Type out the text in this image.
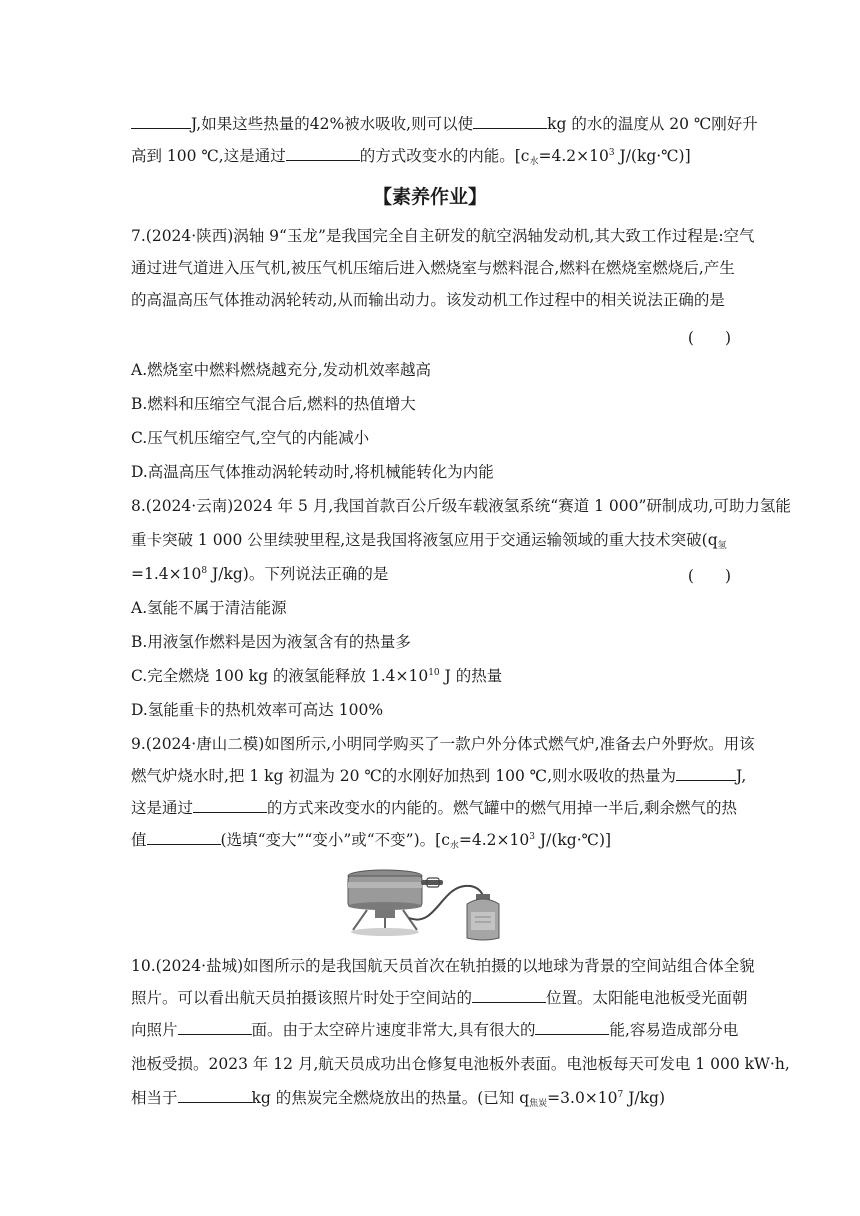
J,如果这些热量的42%被水吸收,则可以使	kg 的水的温度从 20 ℃刚好升
高到 100 ℃,这是通过	的方式改变水的内能。[c水$=4.2\times 10^3$ J/(kg·℃)]
【素养作业】
7.(2024·陕西)涡轴 9“玉龙”是我国完全自主研发的航空涡轴发动机,其大致工作过程是:空气
通过进气道进入压气机,被压气机压缩后进入燃烧室与燃料混合,燃料在燃烧室燃烧后,产生
的高温高压气体推动涡轮转动,从而输出动力。该发动机工作过程中的相关说法正确的是
(　　)
A.燃烧室中燃料燃烧越充分,发动机效率越高
B.燃料和压缩空气混合后,燃料的热值增大
C.压气机压缩空气,空气的内能减小
D.高温高压气体推动涡轮转动时,将机械能转化为内能
8.(2024·云南)2024 年 5 月,我国首款百公斤级车载液氢系统“赛道 1 000”研制成功,可助力氢能
重卡突破 1 000 公里续驶里程,这是我国将液氢应用于交通运输领域的重大技术突破(q氢
$=1.4\times 10^8$ J/kg)。下列说法正确的是	(　　)
A.氢能不属于清洁能源
B.用液氢作燃料是因为液氢含有的热量多
C.完全燃烧 100 kg 的液氢能释放 $1.4\times 10^{10}$ J 的热量
D.氢能重卡的热机效率可高达 100%
9.(2024·唐山二模)如图所示,小明同学购买了一款户外分体式燃气炉,准备去户外野炊。用该
燃气炉烧水时,把 1 kg 初温为 20 ℃的水刚好加热到 100 ℃,则水吸收的热量为	J,
这是通过	的方式来改变水的内能的。燃气罐中的燃气用掉一半后,剩余燃气的热
值	(选填“变大”“变小”或“不变”)。[c水$=4.2\times 10^3$ J/(kg·℃)]
10.(2024·盐城)如图所示的是我国航天员首次在轨拍摄的以地球为背景的空间站组合体全貌
照片。可以看出航天员拍摄该照片时处于空间站的	位置。太阳能电池板受光面朝
向照片	面。由于太空碎片速度非常大,具有很大的	能,容易造成部分电
池板受损。2023 年 12 月,航天员成功出仓修复电池板外表面。电池板每天可发电 1 000 kW·h,
相当于	kg 的焦炭完全燃烧放出的热量。(已知 q焦炭$=3.0\times 10^7$ J/kg)
